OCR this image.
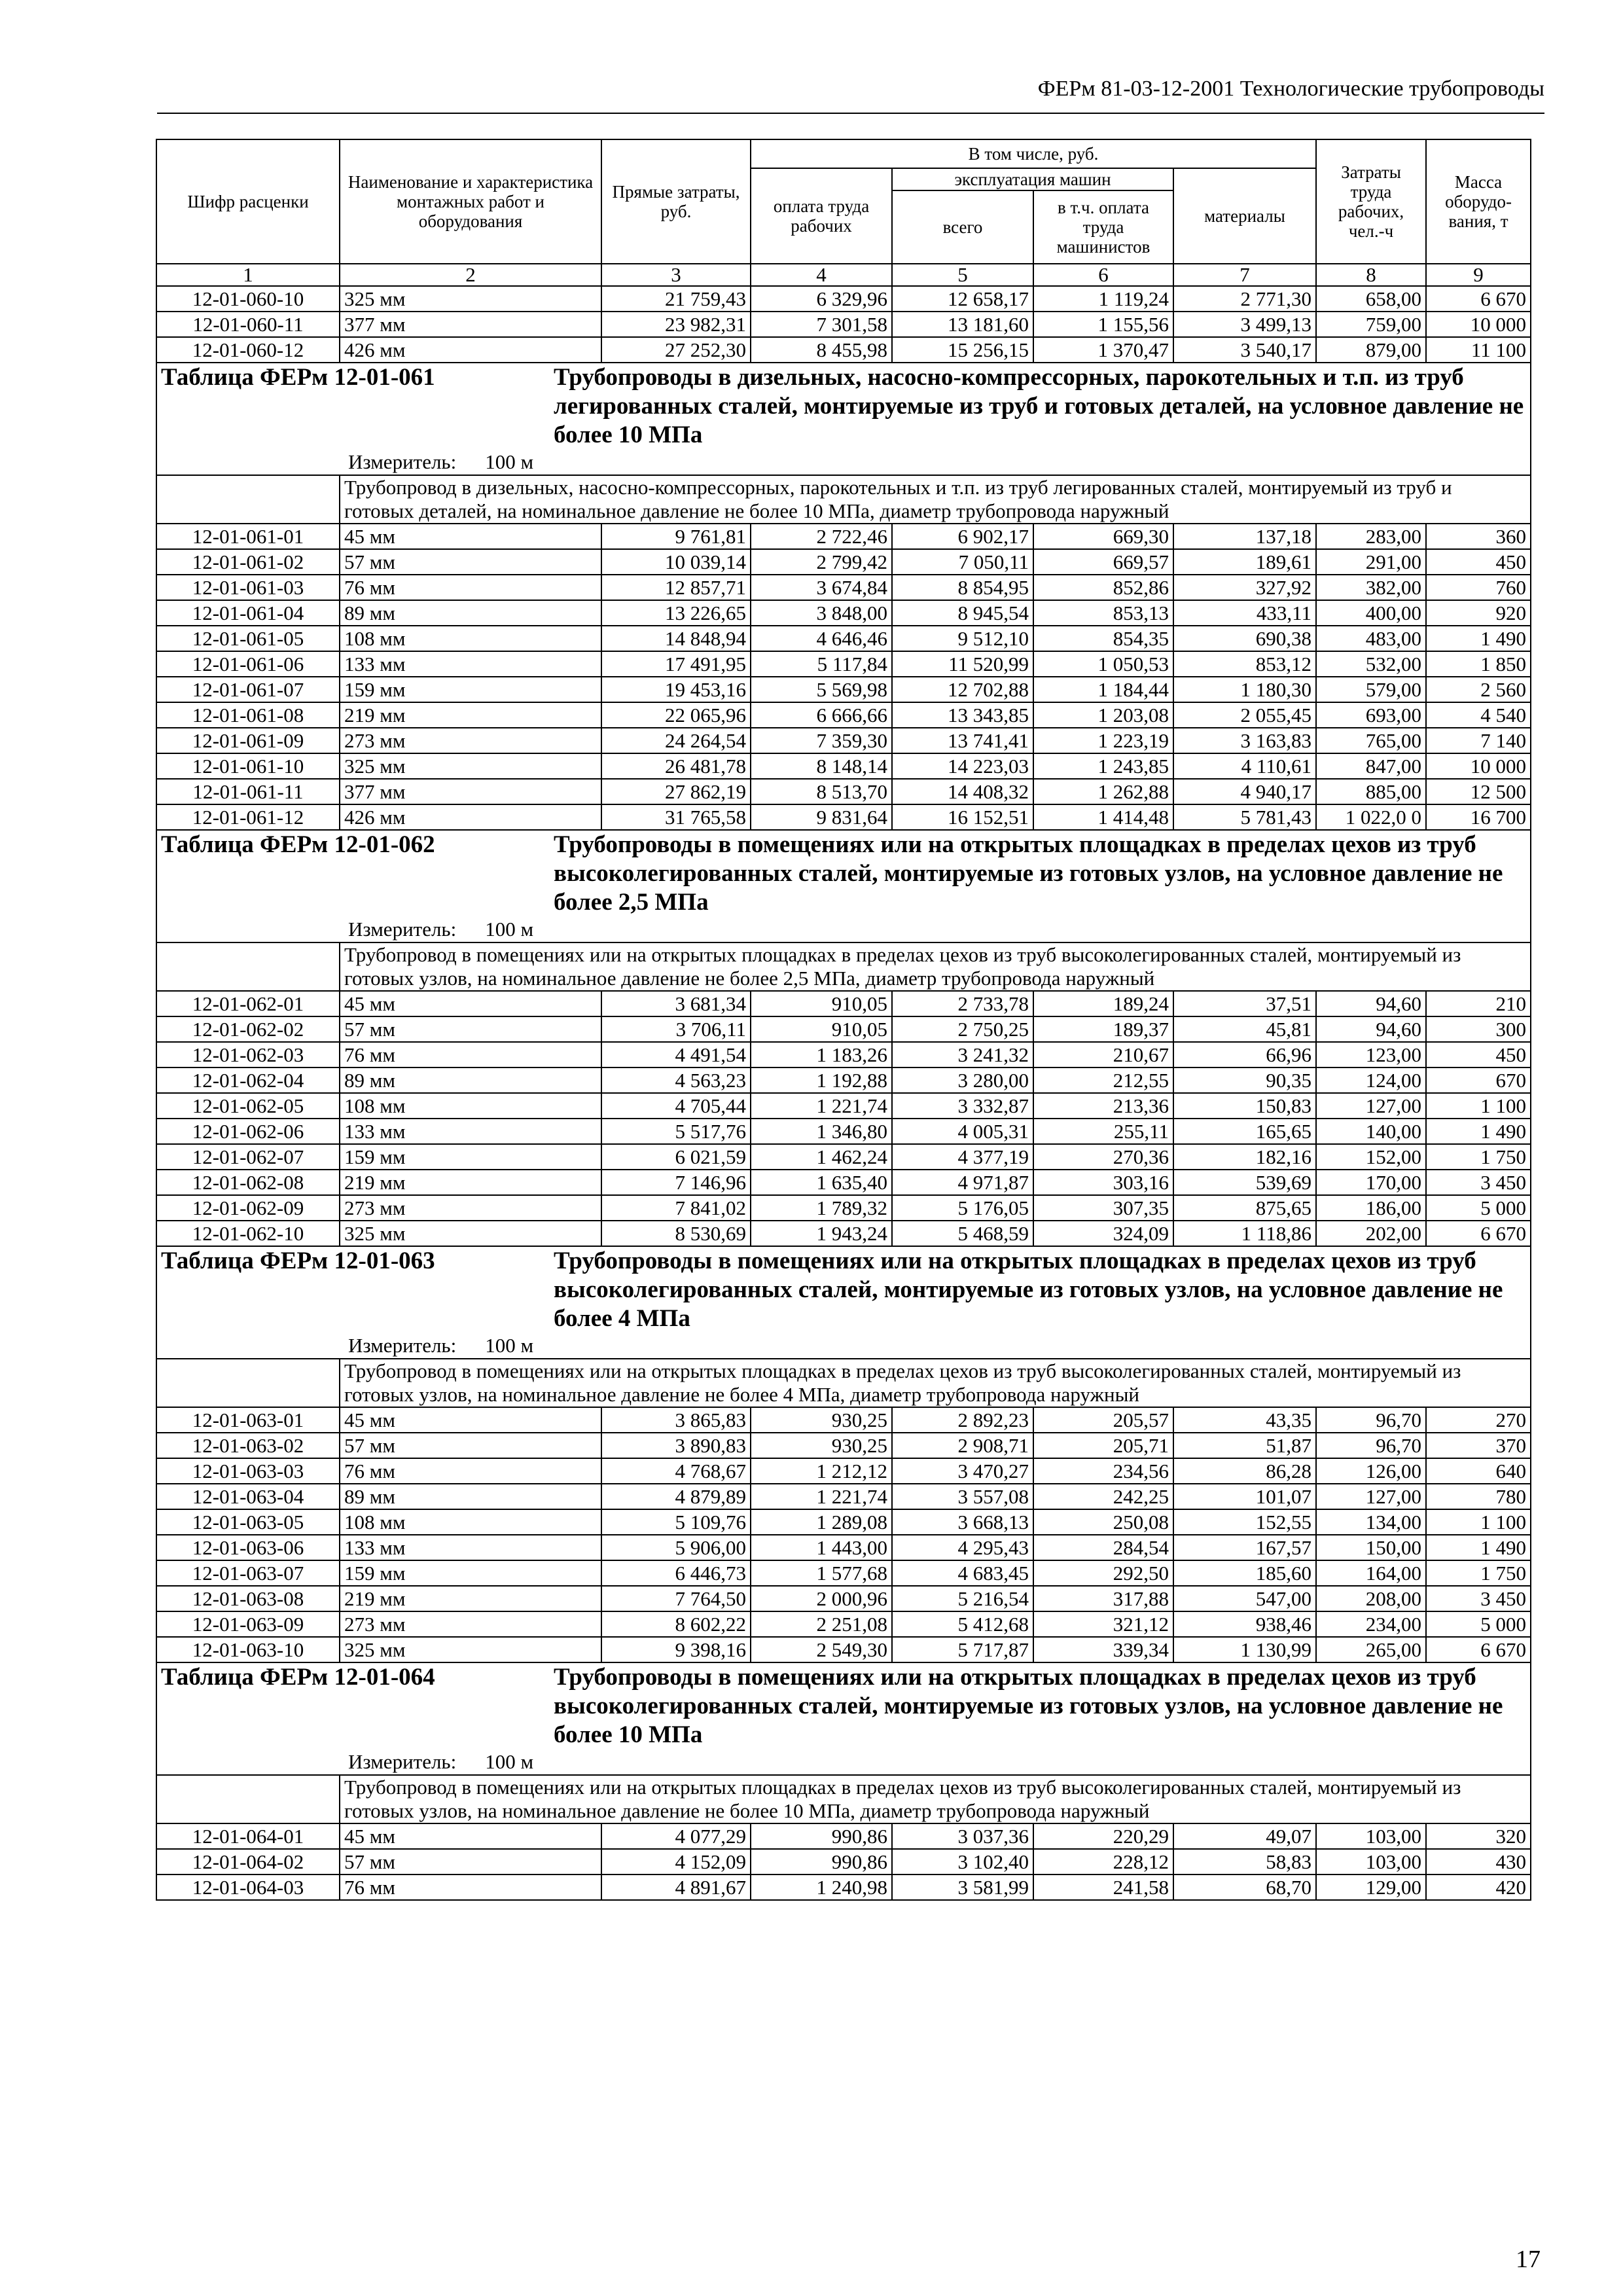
ФЕРм 81-03-12-2001 Технологические трубопроводы
Шифр расценки	Наименование и характеристика монтажных работ и оборудования	Прямые затраты, руб.	В том числе, руб.				Затраты труда рабочих, чел.-ч	Масса оборудо-вания, т
			оплата труда рабочих	эксплуатация машин		материалы		
				всего	в т.ч. оплата труда машинистов			
1	2	3	4	5	6	7	8	9
12-01-060-10	325 мм	21 759,43	6 329,96	12 658,17	1 119,24	2 771,30	658,00	6 670
12-01-060-11	377 мм	23 982,31	7 301,58	13 181,60	1 155,56	3 499,13	759,00	10 000
12-01-060-12	426 мм	27 252,30	8 455,98	15 256,15	1 370,47	3 540,17	879,00	11 100

Таблица ФЕРм 12-01-061 Трубопроводы в дизельных, насосно-компрессорных, парокотельных и т.п. из труб легированных сталей, монтируемые из труб и готовых деталей, на условное давление не более 10 МПа
Измеритель: 100 м								

	Трубопровод в дизельных, насосно-компрессорных, парокотельных и т.п. из труб легированных сталей, монтируемый из труб и готовых деталей, на номинальное давление не более 10 МПа, диаметр трубопровода наружный							
12-01-061-01	45 мм	9 761,81	2 722,46	6 902,17	669,30	137,18	283,00	360
12-01-061-02	57 мм	10 039,14	2 799,42	7 050,11	669,57	189,61	291,00	450
12-01-061-03	76 мм	12 857,71	3 674,84	8 854,95	852,86	327,92	382,00	760
12-01-061-04	89 мм	13 226,65	3 848,00	8 945,54	853,13	433,11	400,00	920
12-01-061-05	108 мм	14 848,94	4 646,46	9 512,10	854,35	690,38	483,00	1 490
12-01-061-06	133 мм	17 491,95	5 117,84	11 520,99	1 050,53	853,12	532,00	1 850
12-01-061-07	159 мм	19 453,16	5 569,98	12 702,88	1 184,44	1 180,30	579,00	2 560
12-01-061-08	219 мм	22 065,96	6 666,66	13 343,85	1 203,08	2 055,45	693,00	4 540
12-01-061-09	273 мм	24 264,54	7 359,30	13 741,41	1 223,19	3 163,83	765,00	7 140
12-01-061-10	325 мм	26 481,78	8 148,14	14 223,03	1 243,85	4 110,61	847,00	10 000
12-01-061-11	377 мм	27 862,19	8 513,70	14 408,32	1 262,88	4 940,17	885,00	12 500
12-01-061-12	426 мм	31 765,58	9 831,64	16 152,51	1 414,48	5 781,43	1 022,0 0	16 700

Таблица ФЕРм 12-01-062 Трубопроводы в помещениях или на открытых площадках в пределах цехов из труб высоколегированных сталей, монтируемые из готовых узлов, на условное давление не более 2,5 МПа
Измеритель: 100 м								

	Трубопровод в помещениях или на открытых площадках в пределах цехов из труб высоколегированных сталей, монтируемый из готовых узлов, на номинальное давление не более 2,5 МПа, диаметр трубопровода наружный							
12-01-062-01	45 мм	3 681,34	910,05	2 733,78	189,24	37,51	94,60	210
12-01-062-02	57 мм	3 706,11	910,05	2 750,25	189,37	45,81	94,60	300
12-01-062-03	76 мм	4 491,54	1 183,26	3 241,32	210,67	66,96	123,00	450
12-01-062-04	89 мм	4 563,23	1 192,88	3 280,00	212,55	90,35	124,00	670
12-01-062-05	108 мм	4 705,44	1 221,74	3 332,87	213,36	150,83	127,00	1 100
12-01-062-06	133 мм	5 517,76	1 346,80	4 005,31	255,11	165,65	140,00	1 490
12-01-062-07	159 мм	6 021,59	1 462,24	4 377,19	270,36	182,16	152,00	1 750
12-01-062-08	219 мм	7 146,96	1 635,40	4 971,87	303,16	539,69	170,00	3 450
12-01-062-09	273 мм	7 841,02	1 789,32	5 176,05	307,35	875,65	186,00	5 000
12-01-062-10	325 мм	8 530,69	1 943,24	5 468,59	324,09	1 118,86	202,00	6 670

Таблица ФЕРм 12-01-063 Трубопроводы в помещениях или на открытых площадках в пределах цехов из труб высоколегированных сталей, монтируемые из готовых узлов, на условное давление не более 4 МПа
Измеритель: 100 м								

	Трубопровод в помещениях или на открытых площадках в пределах цехов из труб высоколегированных сталей, монтируемый из готовых узлов, на номинальное давление не более 4 МПа, диаметр трубопровода наружный							
12-01-063-01	45 мм	3 865,83	930,25	2 892,23	205,57	43,35	96,70	270
12-01-063-02	57 мм	3 890,83	930,25	2 908,71	205,71	51,87	96,70	370
12-01-063-03	76 мм	4 768,67	1 212,12	3 470,27	234,56	86,28	126,00	640
12-01-063-04	89 мм	4 879,89	1 221,74	3 557,08	242,25	101,07	127,00	780
12-01-063-05	108 мм	5 109,76	1 289,08	3 668,13	250,08	152,55	134,00	1 100
12-01-063-06	133 мм	5 906,00	1 443,00	4 295,43	284,54	167,57	150,00	1 490
12-01-063-07	159 мм	6 446,73	1 577,68	4 683,45	292,50	185,60	164,00	1 750
12-01-063-08	219 мм	7 764,50	2 000,96	5 216,54	317,88	547,00	208,00	3 450
12-01-063-09	273 мм	8 602,22	2 251,08	5 412,68	321,12	938,46	234,00	5 000
12-01-063-10	325 мм	9 398,16	2 549,30	5 717,87	339,34	1 130,99	265,00	6 670

Таблица ФЕРм 12-01-064 Трубопроводы в помещениях или на открытых площадках в пределах цехов из труб высоколегированных сталей, монтируемые из готовых узлов, на условное давление не более 10 МПа
Измеритель: 100 м								

	Трубопровод в помещениях или на открытых площадках в пределах цехов из труб высоколегированных сталей, монтируемый из готовых узлов, на номинальное давление не более 10 МПа, диаметр трубопровода наружный							
12-01-064-01	45 мм	4 077,29	990,86	3 037,36	220,29	49,07	103,00	320
12-01-064-02	57 мм	4 152,09	990,86	3 102,40	228,12	58,83	103,00	430
12-01-064-03	76 мм	4 891,67	1 240,98	3 581,99	241,58	68,70	129,00	420
17
